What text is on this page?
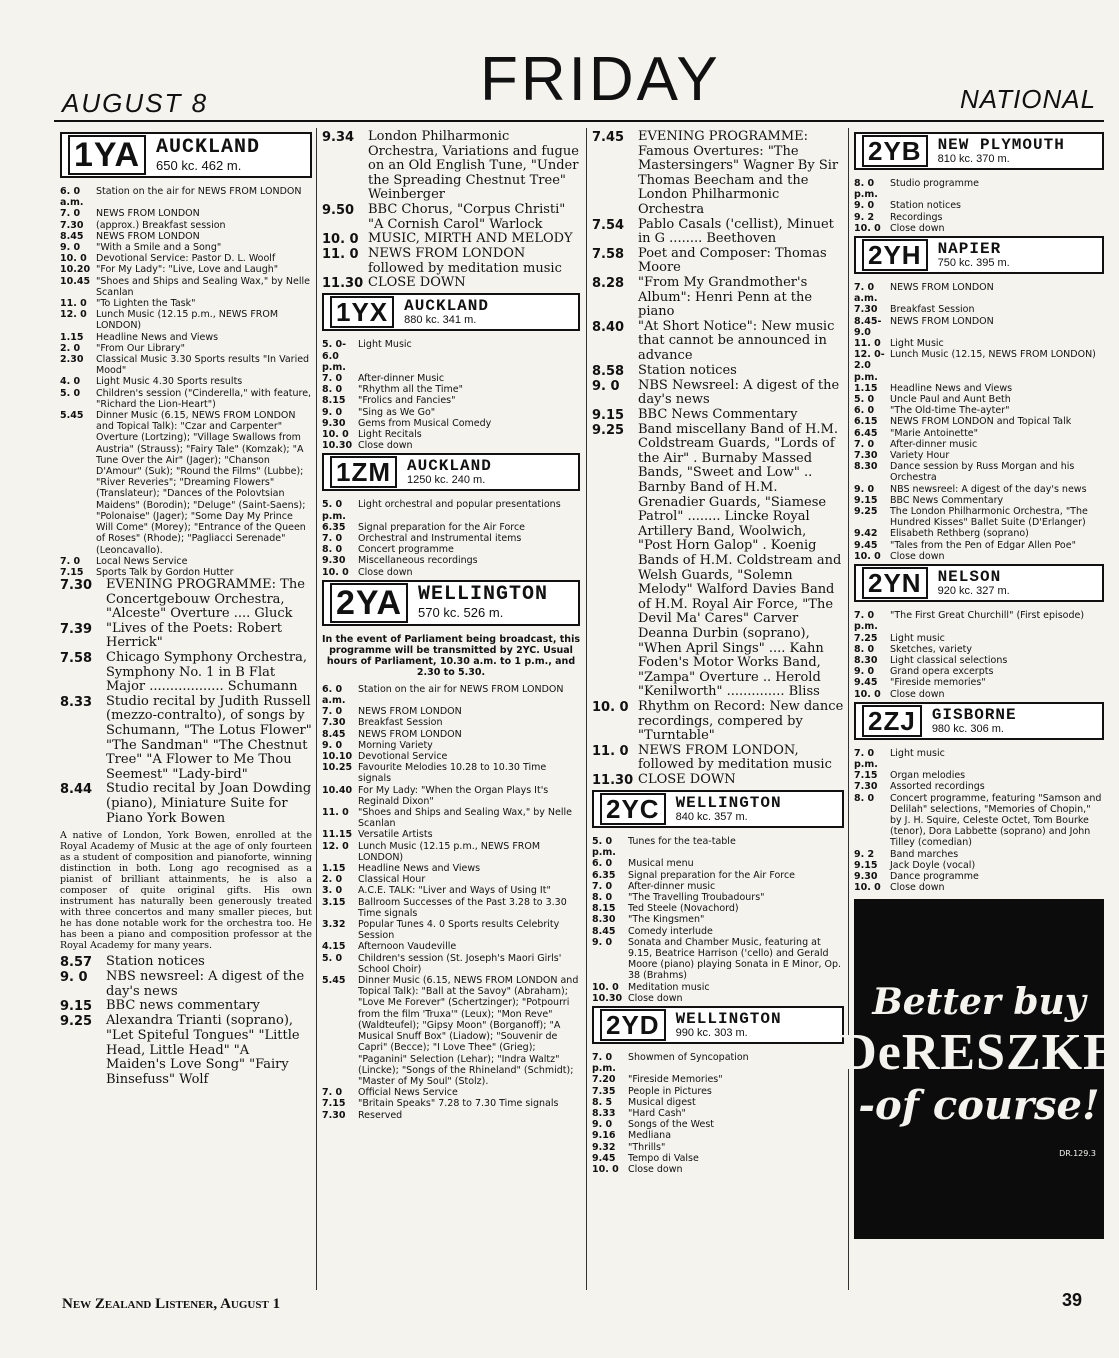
AUGUST 8	FRIDAY	NATIONAL
1YA AUCKLAND
650 kc. 462 m.
6. 0 a.m.
Station on the air for NEWS FROM LONDON
7. 0	NEWS FROM LONDON
7.30	(approx.) Breakfast session
8.45	NEWS FROM LONDON
9. 0	"With a Smile and a Song"
10. 0 Devotional Service: Pastor D. L. Woolf
10.20 "For My Lady": "Live, Love and Laugh"
10.45 "Shoes and Ships and Sealing Wax," by Nelle Scanlan
11. 0 "To Lighten the Task"
12. 0 Lunch Music (12.15 p.m., NEWS FROM LONDON)
1.15	Headline News and Views
2. 0	"From Our Library"
2.30	Classical Music 3.30 Sports results "In Varied Mood"
4. 0	Light Music 4.30 Sports results
5. 0	Children's session ("Cinderella," with feature, "Richard the Lion-Heart")
5.45	Dinner Music (6.15, NEWS FROM LONDON and Topical Talk): "Czar and Carpenter" Overture (Lortzing); "Village Swallows from Austria" (Strauss); "Fairy Tale" (Komzak); "A Tune Over the Air" (Jager); "Chanson D'Amour" (Suk); "Round the Films" (Lubbe); "River Reveries"; "Dreaming Flowers" (Translateur); "Dances of the Polovtsian Maidens" (Borodin); "Deluge" (Saint-Saens); "Polonaise" (Jager); "Some Day My Prince Will Come" (Morey); "Entrance of the Queen of Roses" (Rhode); "Pagliacci Serenade" (Leoncavallo).
7. 0	Local News Service
7.15	Sports Talk by Gordon Hutter
7.30	EVENING PROGRAMME: The Concertgebouw Orchestra, "Alceste" Overture .... Gluck
7.39	"Lives of the Poets: Robert Herrick"
7.58	Chicago Symphony Orchestra, Symphony No. 1 in B Flat Major .................. Schumann
8.33	Studio recital by Judith Russell (mezzo-contralto), of songs by Schumann, "The Lotus Flower" "The Sandman" "The Chestnut Tree" "A Flower to Me Thou Seemest" "Lady-bird"
8.44	Studio recital by Joan Dowding (piano), Miniature Suite for Piano York Bowen
A native of London, York Bowen, enrolled at the Royal Academy of Music at the age of only fourteen as a student of composition and pianoforte, winning distinction in both. Long ago recognised as a pianist of brilliant attainments, he is also a composer of quite original gifts. His own instrument has naturally been generously treated with three concertos and many smaller pieces, but he has done notable work for the orchestra too. He has been a piano and composition professor at the Royal Academy for many years.
8.57	Station notices
9. 0	NBS newsreel: A digest of the day's news
9.15	BBC news commentary
9.25	Alexandra Trianti (soprano), "Let Spiteful Tongues" "Little Head, Little Head" "A Maiden's Love Song" "Fairy Binsefuss" Wolf
9.34	London Philharmonic Orchestra, Variations and fugue on an Old English Tune, "Under the Spreading Chestnut Tree" Weinberger
9.50	BBC Chorus, "Corpus Christi" "A Cornish Carol" Warlock
10. 0 MUSIC, MIRTH AND MELODY
11. 0 NEWS FROM LONDON followed by meditation music
11.30 CLOSE DOWN
1YX	AUCKLAND
880 kc. 341 m.
5. 0-6.0 p.m.
Light Music
7. 0	After-dinner Music
8. 0	"Rhythm all the Time"
8.15	"Frolics and Fancies"
9. 0	"Sing as We Go"
9.30	Gems from Musical Comedy
10. 0 Light Recitals
10.30 Close down
1ZM	AUCKLAND
1250 kc. 240 m.
5. 0 p.m.
Light orchestral and popular presentations
6.35	Signal preparation for the Air Force
7. 0	Orchestral and Instrumental items
8. 0	Concert programme
9.30	Miscellaneous recordings
10. 0 Close down
2YA WELLINGTON
570 kc. 526 m.
In the event of Parliament being broadcast, this programme will be transmitted by 2YC. Usual hours of Parliament, 10.30 a.m. to 1 p.m., and 2.30 to 5.30.
6. 0 a.m.
Station on the air for NEWS FROM LONDON
7. 0	NEWS FROM LONDON
7.30	Breakfast Session
8.45	NEWS FROM LONDON
9. 0	Morning Variety
10.10 Devotional Service
10.25 Favourite Melodies 10.28 to 10.30 Time signals
10.40 For My Lady: "When the Organ Plays It's Reginald Dixon"
11. 0 "Shoes and Ships and Sealing Wax," by Nelle Scanlan
11.15 Versatile Artists
12. 0 Lunch Music (12.15 p.m., NEWS FROM LONDON)
1.15	Headline News and Views
2. 0	Classical Hour
3. 0	A.C.E. TALK: "Liver and Ways of Using It"
3.15	Ballroom Successes of the Past 3.28 to 3.30 Time signals
3.32	Popular Tunes 4. 0 Sports results Celebrity Session
4.15	Afternoon Vaudeville
5. 0	Children's session (St. Joseph's Maori Girls' School Choir)
5.45	Dinner Music (6.15, NEWS FROM LONDON and Topical Talk): "Ball at the Savoy" (Abraham); "Love Me Forever" (Schertzinger); "Potpourri from the film 'Truxa'" (Leux); "Mon Reve" (Waldteufel); "Gipsy Moon" (Borganoff); "A Musical Snuff Box" (Liadow); "Souvenir de Capri" (Becce); "I Love Thee" (Grieg); "Paganini" Selection (Lehar); "Indra Waltz" (Lincke); "Songs of the Rhineland" (Schmidt); "Master of My Soul" (Stolz).
7. 0	Official News Service
7.15	"Britain Speaks" 7.28 to 7.30 Time signals
7.30	Reserved
7.45	EVENING PROGRAMME: Famous Overtures: "The Mastersingers" Wagner By Sir Thomas Beecham and the London Philharmonic Orchestra
7.54	Pablo Casals ('cellist), Minuet in G ........ Beethoven
7.58	Poet and Composer: Thomas Moore
8.28	"From My Grandmother's Album": Henri Penn at the piano
8.40	"At Short Notice": New music that cannot be announced in advance
8.58	Station notices
9. 0	NBS Newsreel: A digest of the day's news
9.15	BBC News Commentary
9.25	Band miscellany Band of H.M. Coldstream Guards, "Lords of the Air" . Burnaby Massed Bands, "Sweet and Low" .. Barnby Band of H.M. Grenadier Guards, "Siamese Patrol" ........ Lincke Royal Artillery Band, Woolwich, "Post Horn Galop" . Koenig Bands of H.M. Coldstream and Welsh Guards, "Solemn Melody" Walford Davies Band of H.M. Royal Air Force, "The Devil Ma' Cares" Carver Deanna Durbin (soprano), "When April Sings" .... Kahn Foden's Motor Works Band, "Zampa" Overture .. Herold "Kenilworth" .............. Bliss
10. 0 Rhythm on Record: New dance recordings, compered by "Turntable"
11. 0 NEWS FROM LONDON, followed by meditation music
11.30 CLOSE DOWN
2YC	WELLINGTON
840 kc. 357 m.
5. 0 p.m.
Tunes for the tea-table
6. 0	Musical menu
6.35	Signal preparation for the Air Force
7. 0	After-dinner music
8. 0	"The Travelling Troubadours"
8.15	Ted Steele (Novachord)
8.30	"The Kingsmen"
8.45	Comedy interlude
9. 0	Sonata and Chamber Music, featuring at 9.15, Beatrice Harrison ('cello) and Gerald Moore (piano) playing Sonata in E Minor, Op. 38 (Brahms)
10. 0 Meditation music
10.30 Close down
2YD	WELLINGTON
990 kc. 303 m.
7. 0 p.m.
Showmen of Syncopation
7.20	"Fireside Memories"
7.35	People in Pictures
8. 5	Musical digest
8.33	"Hard Cash"
9. 0	Songs of the West
9.16	Medliana
9.32	"Thrills"
9.45	Tempo di Valse
10. 0 Close down
2YB	NEW PLYMOUTH
810 kc. 370 m.
8. 0 p.m.
Studio programme
9. 0	Station notices
9. 2	Recordings
10. 0 Close down
2YH	NAPIER
750 kc. 395 m.
7. 0 a.m.
NEWS FROM LONDON
7.30	Breakfast Session
8.45-9.0
NEWS FROM LONDON
11. 0 Light Music
12. 0-2.0 p.m.
Lunch Music (12.15, NEWS FROM LONDON)
1.15	Headline News and Views
5. 0	Uncle Paul and Aunt Beth
6. 0	"The Old-time The-ayter"
6.15	NEWS FROM LONDON and Topical Talk
6.45	"Marie Antoinette"
7. 0	After-dinner music
7.30	Variety Hour
8.30	Dance session by Russ Morgan and his Orchestra
9. 0	NBS newsreel: A digest of the day's news
9.15	BBC News Commentary
9.25	The London Philharmonic Orchestra, "The Hundred Kisses" Ballet Suite (D'Erlanger)
9.42	Elisabeth Rethberg (soprano)
9.45	"Tales from the Pen of Edgar Allen Poe"
10. 0 Close down
2YN	NELSON
920 kc. 327 m.
7. 0 p.m.
"The First Great Churchill" (First episode)
7.25	Light music
8. 0	Sketches, variety
8.30	Light classical selections
9. 0	Grand opera excerpts
9.45	"Fireside memories"
10. 0 Close down
2ZJ	GISBORNE
980 kc. 306 m.
7. 0 p.m.
Light music
7.15	Organ melodies
7.30	Assorted recordings
8. 0	Concert programme, featuring "Samson and Delilah" selections, "Memories of Chopin," by J. H. Squire, Celeste Octet, Tom Bourke (tenor), Dora Labbette (soprano) and John Tilley (comedian)
9. 2	Band marches
9.15	Jack Doyle (vocal)
9.30	Dance programme
10. 0 Close down
Better buy
DeRESZKE
-of course!
DR.129.3
New Zealand Listener, August 1	39
